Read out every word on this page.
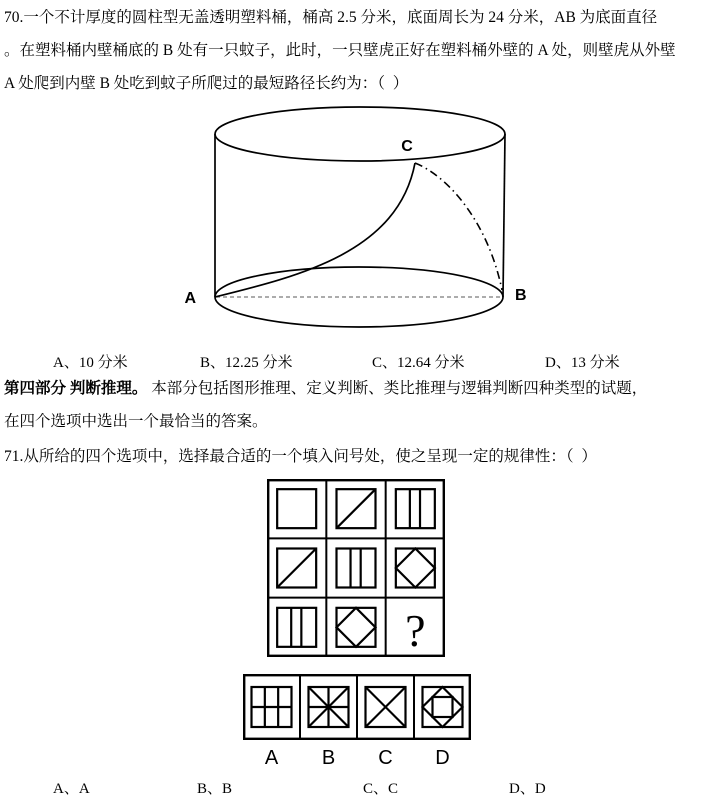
70.一个不计厚度的圆柱型无盖透明塑料桶，桶高 2.5 分米，底面周长为 24 分米，AB 为底面直径
。在塑料桶内壁桶底的 B 处有一只蚊子，此时，一只壁虎正好在塑料桶外壁的 A 处，则壁虎从外壁
A 处爬到内壁 B 处吃到蚊子所爬过的最短路径长约为：（  ）
A	B
C
A、10 分米	B、12.25 分米	C、12.64 分米	D、13 分米
第四部分 判断推理。 本部分包括图形推理、定义判断、类比推理与逻辑判断四种类型的试题，
在四个选项中选出一个最恰当的答案。
71.从所给的四个选项中，选择最合适的一个填入问号处，使之呈现一定的规律性：（  ）
?
A B C D
A、A	B、B	C、C	D、D
